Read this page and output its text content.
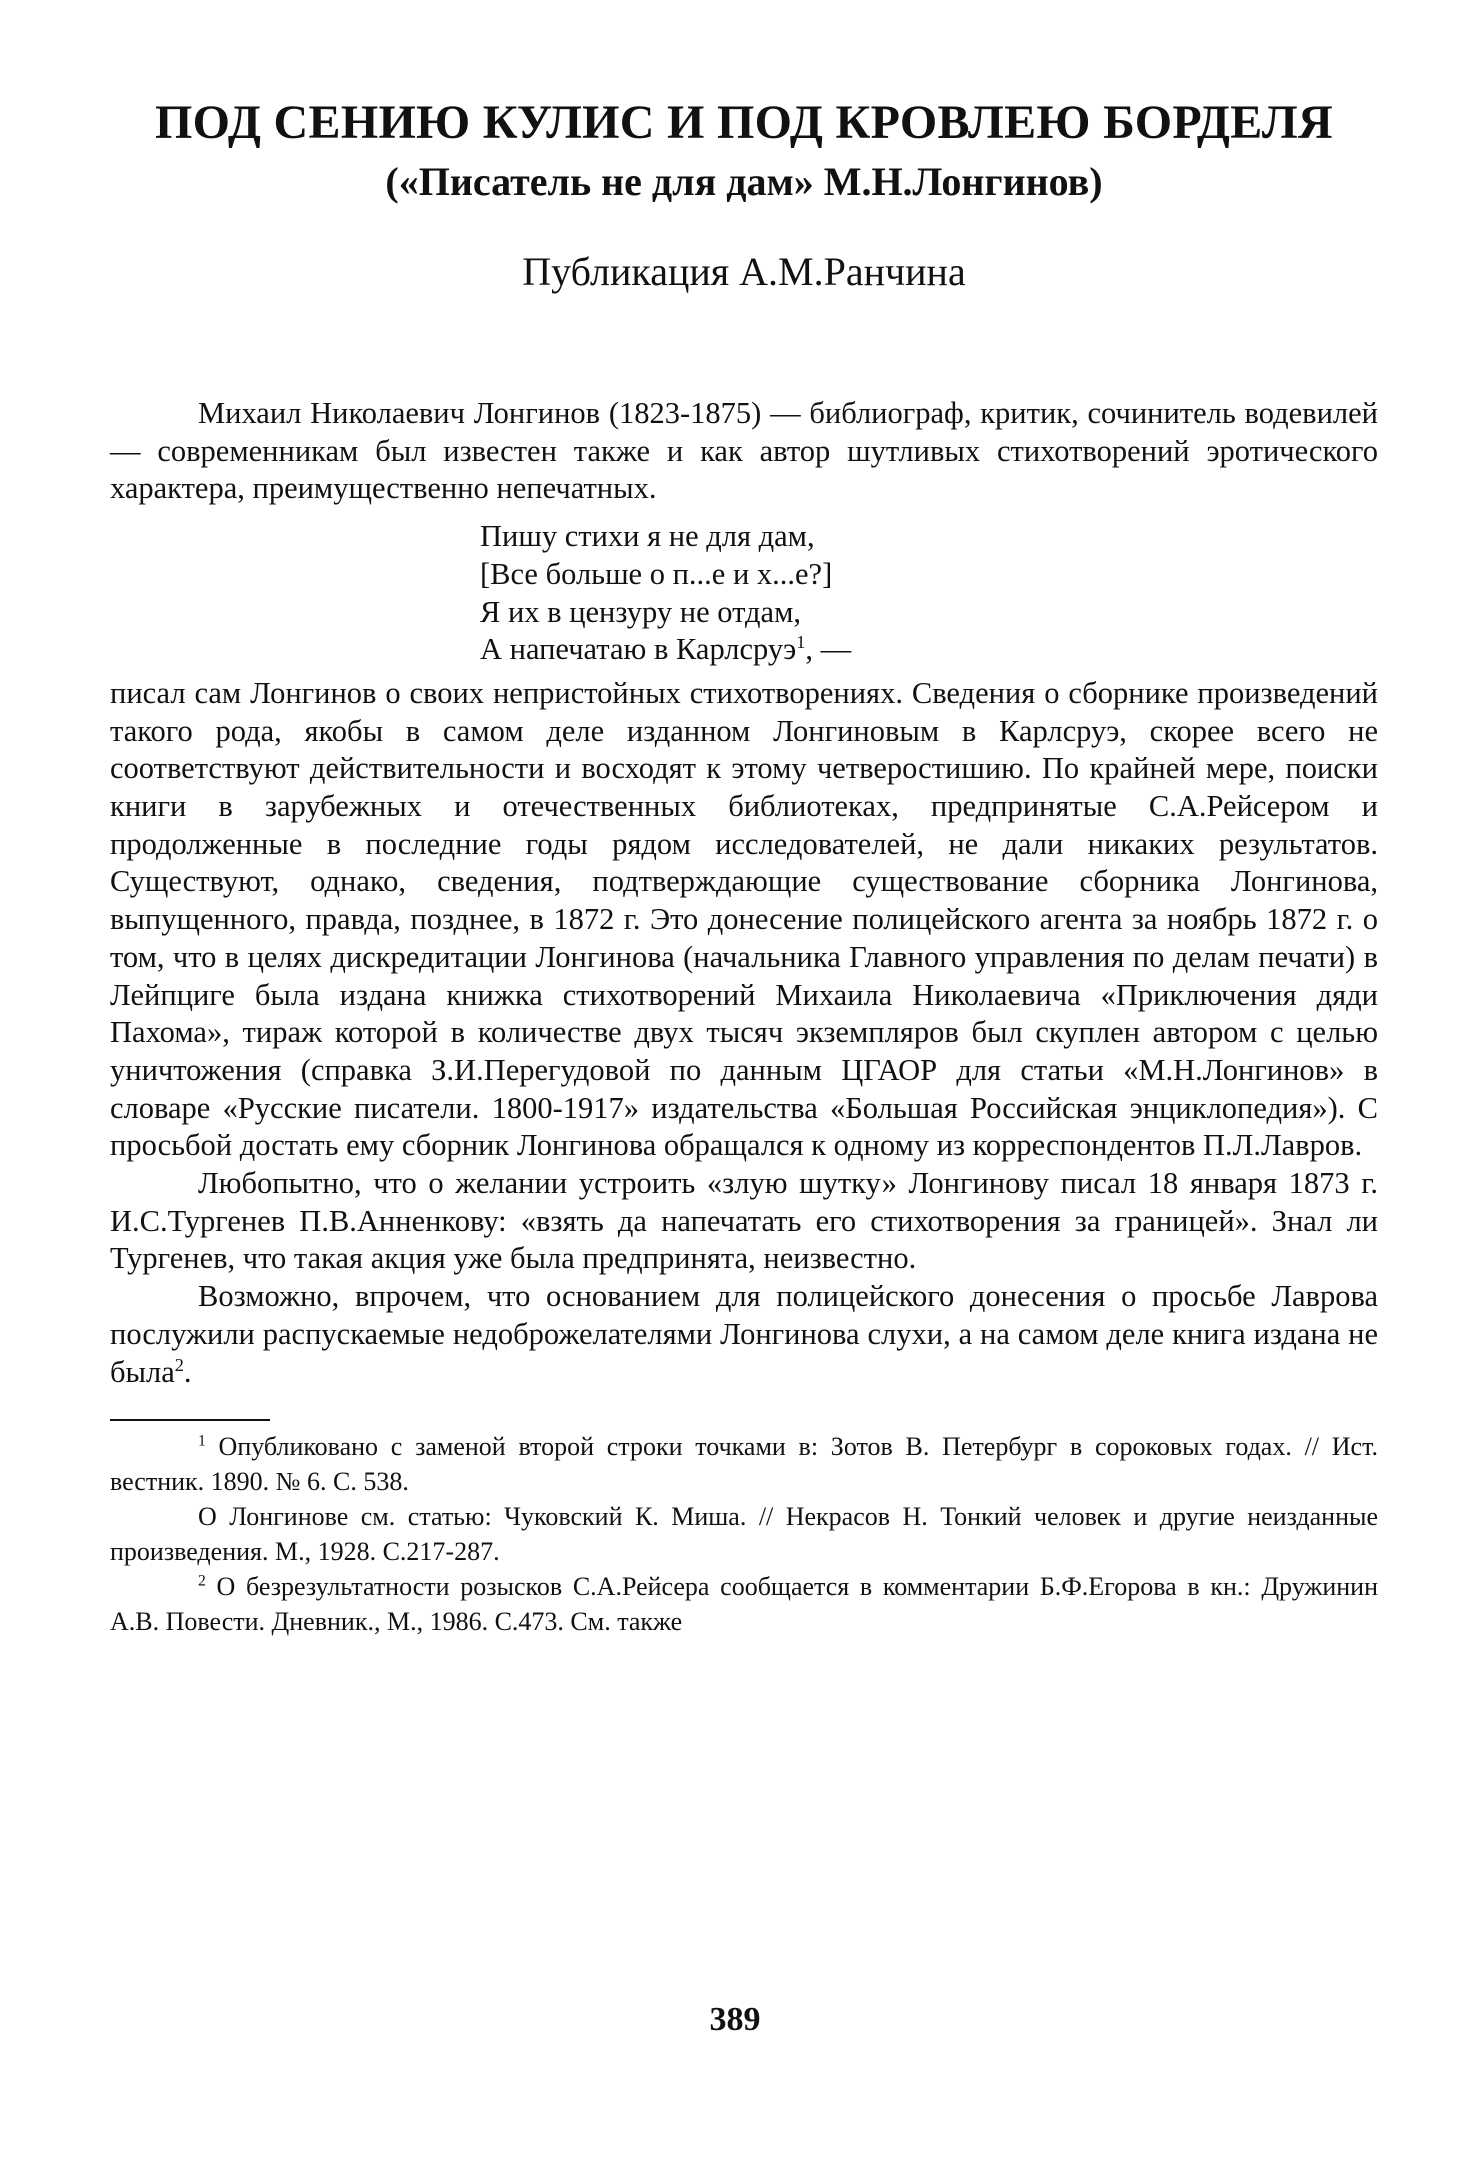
ПОД СЕНИЮ КУЛИС И ПОД КРОВЛЕЮ БОРДЕЛЯ
(«Писатель не для дам» М.Н.Лонгинов)
Публикация А.М.Ранчина

Михаил Николаевич Лонгинов (1823-1875) — библиограф, критик, сочинитель водевилей — современникам был известен также и как автор шутливых стихотворений эротического характера, преимущественно непечатных.

Пишу стихи я не для дам,
[Все больше о п...е и х...е?]
Я их в цензуру не отдам,
А напечатаю в Карлсруэ$^1$, —

писал сам Лонгинов о своих непристойных стихотворениях. Сведения о сборнике произведений такого рода, якобы в самом деле изданном Лонгиновым в Карлсруэ, скорее всего не соответствуют действительности и восходят к этому четверостишию. По крайней мере, поиски книги в зарубежных и отечественных библиотеках, предпринятые С.А.Рейсером и продолженные в последние годы рядом исследователей, не дали никаких результатов. Существуют, однако, сведения, подтверждающие существование сборника Лонгинова, выпущенного, правда, позднее, в 1872 г. Это донесение полицейского агента за ноябрь 1872 г. о том, что в целях дискредитации Лонгинова (начальника Главного управления по делам печати) в Лейпциге была издана книжка стихотворений Михаила Николаевича «Приключения дяди Пахома», тираж которой в количестве двух тысяч экземпляров был скуплен автором с целью уничтожения (справка З.И.Перегудовой по данным ЦГАОР для статьи «М.Н.Лонгинов» в словаре «Русские писатели. 1800-1917» издательства «Большая Российская энциклопедия»). С просьбой достать ему сборник Лонгинова обращался к одному из корреспондентов П.Л.Лавров.

Любопытно, что о желании устроить «злую шутку» Лонгинову писал 18 января 1873 г. И.С.Тургенев П.В.Анненкову: «взять да напечатать его стихотворения за границей». Знал ли Тургенев, что такая акция уже была предпринята, неизвестно.

Возможно, впрочем, что основанием для полицейского донесения о просьбе Лаврова послужили распускаемые недоброжелателями Лонгинова слухи, а на самом деле книга издана не была$^2$.

$^1$ Опубликовано с заменой второй строки точками в: Зотов В. Петербург в сороковых годах. // Ист. вестник. 1890. № 6. С. 538.

О Лонгинове см. статью: Чуковский К. Миша. // Некрасов Н. Тонкий человек и другие неизданные произведения. М., 1928. С.217-287.

$^2$ О безрезультатности розысков С.А.Рейсера сообщается в комментарии Б.Ф.Егорова в кн.: Дружинин А.В. Повести. Дневник., М., 1986. С.473. См. также

389
